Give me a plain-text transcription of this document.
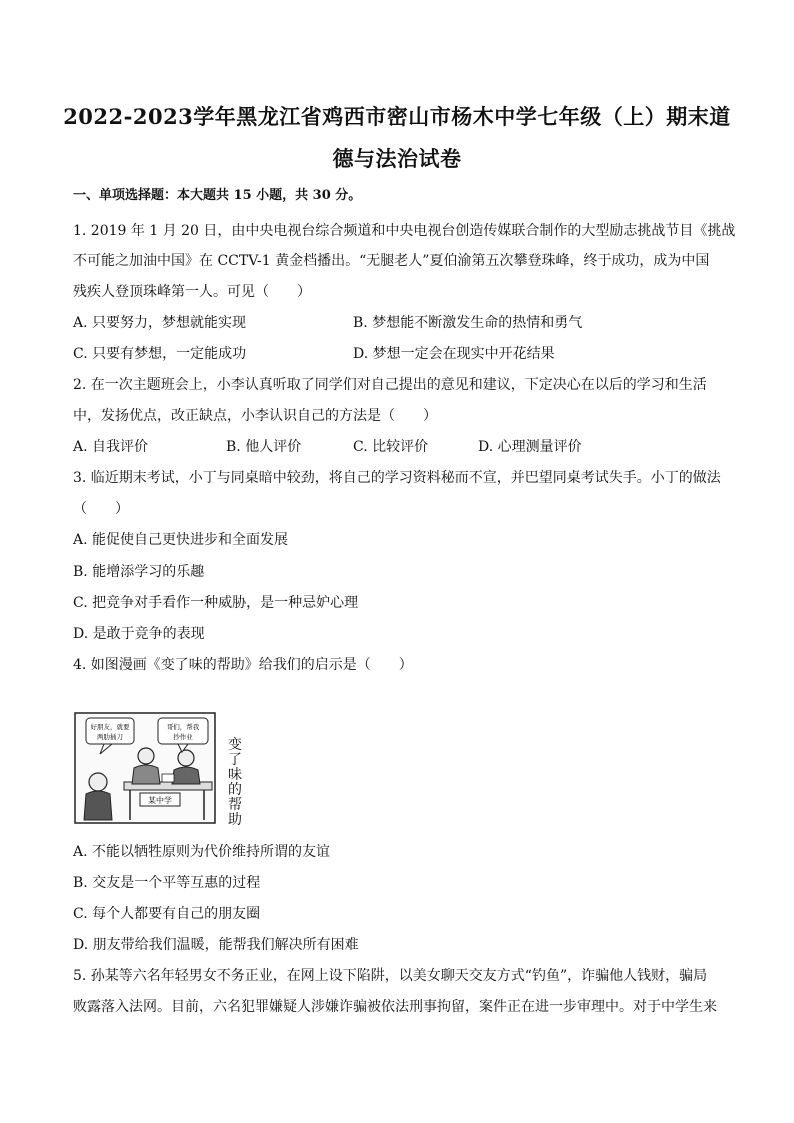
2022-2023学年黑龙江省鸡西市密山市杨木中学七年级（上）期末道
德与法治试卷
一、单项选择题：本大题共 15 小题，共 30 分。
1. 2019 年 1 月 20 日，由中央电视台综合频道和中央电视台创造传媒联合制作的大型励志挑战节目《挑战
不可能之加油中国》在 CCTV-1 黄金档播出。“无腿老人”夏伯渝第五次攀登珠峰，终于成功，成为中国
残疾人登顶珠峰第一人。可见（　　）
A. 只要努力，梦想就能实现	B. 梦想能不断激发生命的热情和勇气
C. 只要有梦想，一定能成功	D. 梦想一定会在现实中开花结果
2. 在一次主题班会上，小李认真听取了同学们对自己提出的意见和建议，下定决心在以后的学习和生活
中，发扬优点，改正缺点，小李认识自己的方法是（　　）
A. 自我评价	B. 他人评价	C. 比较评价	D. 心理测量评价
3. 临近期末考试，小丁与同桌暗中较劲，将自己的学习资料秘而不宣，并巴望同桌考试失手。小丁的做法
（　　）
A. 能促使自己更快进步和全面发展
B. 能增添学习的乐趣
C. 把竞争对手看作一种威胁，是一种忌妒心理
D. 是敢于竞争的表现
4. 如图漫画《变了味的帮助》给我们的启示是（　　）
某中学
好朋友，就要
两肋插刀
哥们，帮我
抄作业	变了味的帮助
A. 不能以牺牲原则为代价维持所谓的友谊
B. 交友是一个平等互惠的过程
C. 每个人都要有自己的朋友圈
D. 朋友带给我们温暖，能帮我们解决所有困难
5. 孙某等六名年轻男女不务正业，在网上设下陷阱，以美女聊天交友方式“钓鱼”，诈骗他人钱财，骗局
败露落入法网。目前，六名犯罪嫌疑人涉嫌诈骗被依法刑事拘留，案件正在进一步审理中。对于中学生来
